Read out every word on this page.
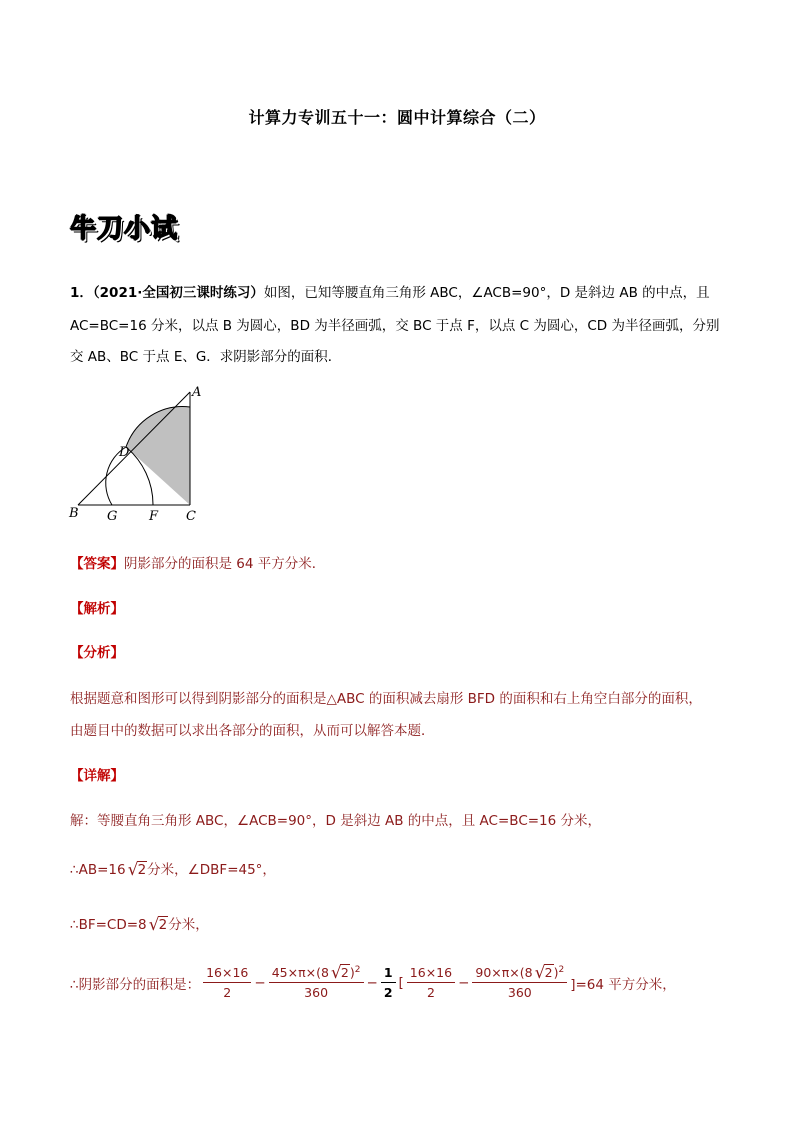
计算力专训五十一：圆中计算综合（二）
牛刀小试
1．（2021·全国初三课时练习）如图，已知等腰直角三角形 ABC，∠ACB=90°，D 是斜边 AB 的中点，且
AC=BC=16 分米，以点 B 为圆心，BD 为半径画弧，交 BC 于点 F，以点 C 为圆心，CD 为半径画弧，分别
交 AB、BC 于点 E、G．求阴影部分的面积．
A
B	C
D
F
G
【答案】阴影部分的面积是 64 平方分米．
【解析】
【分析】
根据题意和图形可以得到阴影部分的面积是△ABC 的面积减去扇形 BFD 的面积和右上角空白部分的面积，
由题目中的数据可以求出各部分的面积，从而可以解答本题．
【详解】
解：等腰直角三角形 ABC，∠ACB=90°，D 是斜边 AB 的中点，且 AC=BC=16 分米，
∴AB=16 √ 2分米，∠DBF=45°，
∴BF=CD=8 √ 2分米，
∴阴影部分的面积是： $\frac{16\times 16}{2} - \frac{45\times\pi\times(8 √ 2)^2}{360} - \frac{1}{2}$ [ $\frac{16\times 16}{2} - \frac{90\times\pi\times(8 √ 2)^2}{360} ]=64$ 平方分米，
